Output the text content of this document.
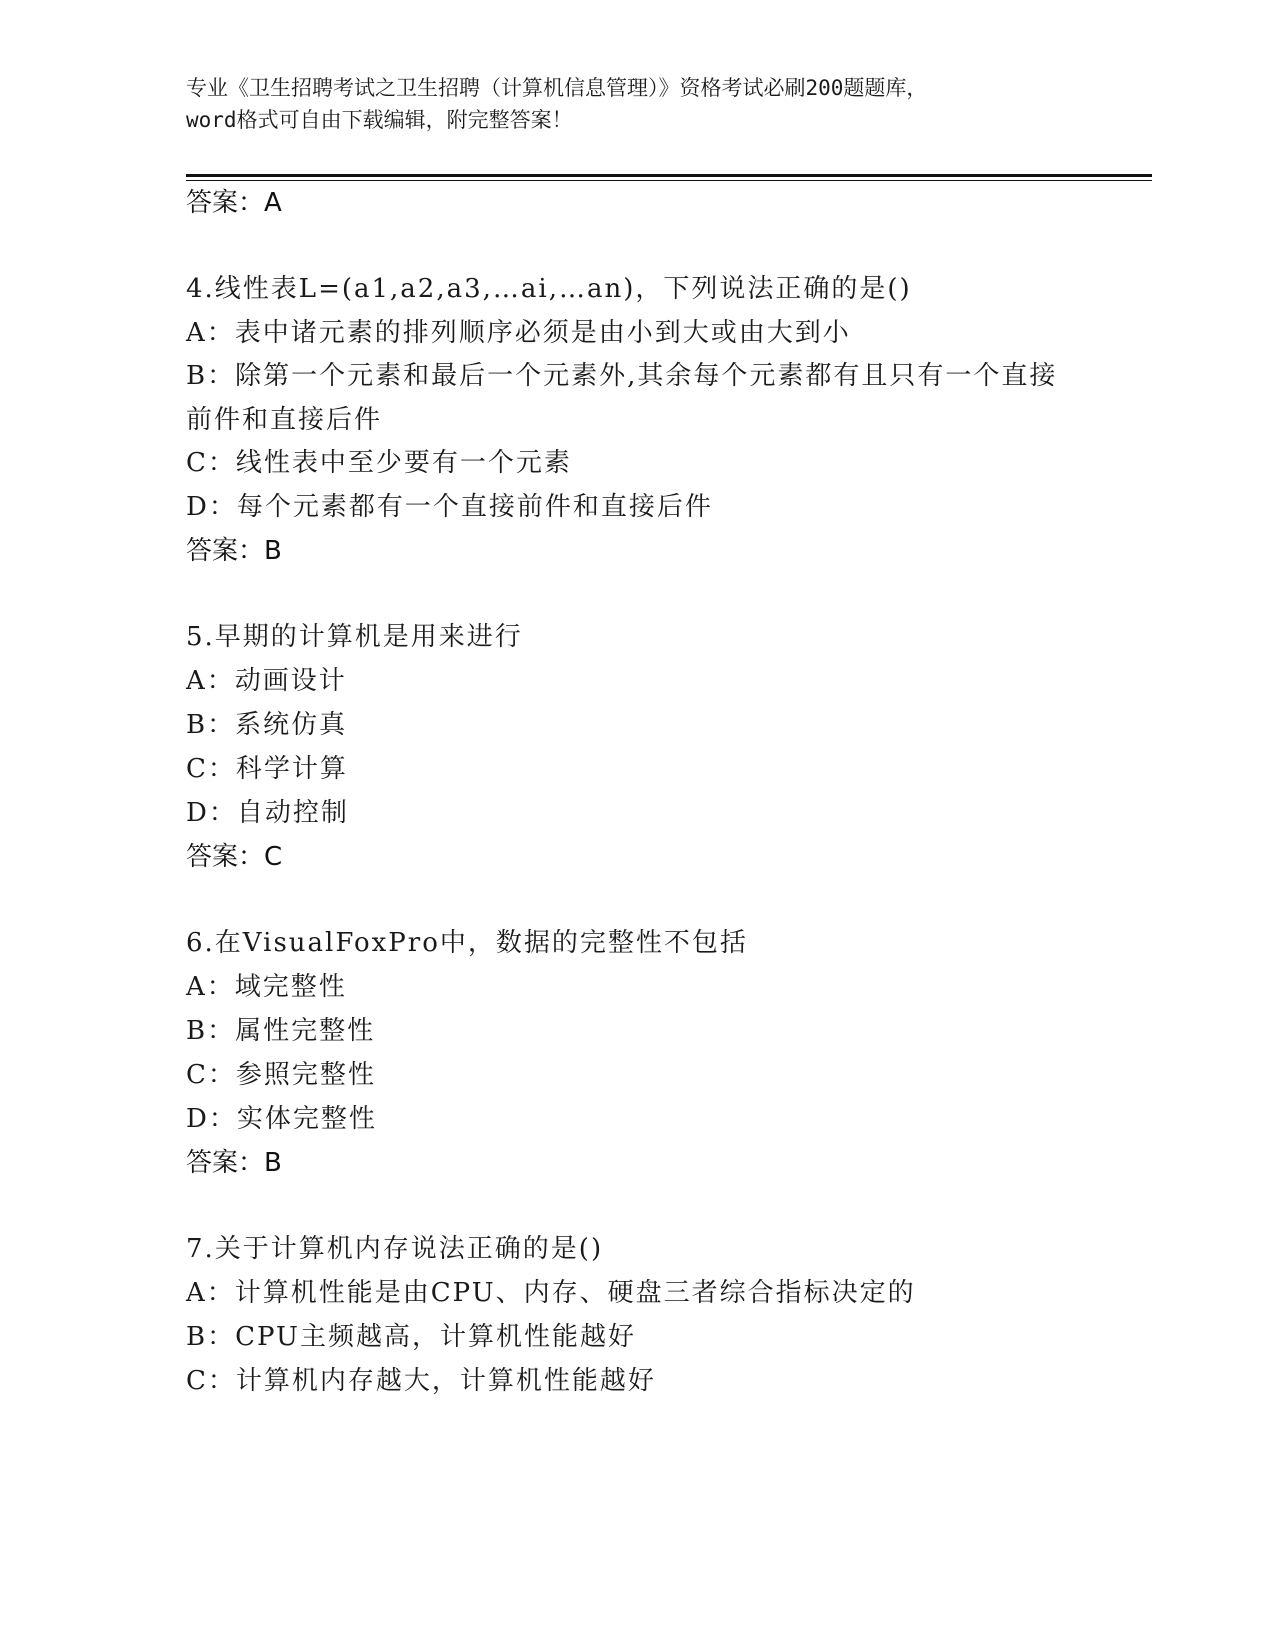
专业《卫生招聘考试之卫生招聘（计算机信息管理）》资格考试必刷200题题库，
word格式可自由下载编辑，附完整答案！
答案：A
4.线性表L=(a1,a2,a3,…ai,…an)，下列说法正确的是()
A：表中诸元素的排列顺序必须是由小到大或由大到小
B：除第一个元素和最后一个元素外,其余每个元素都有且只有一个直接前件和直接后件
C：线性表中至少要有一个元素
D：每个元素都有一个直接前件和直接后件
答案：B
5.早期的计算机是用来进行
A：动画设计
B：系统仿真
C：科学计算
D：自动控制
答案：C
6.在VisualFoxPro中，数据的完整性不包括
A：域完整性
B：属性完整性
C：参照完整性
D：实体完整性
答案：B
7.关于计算机内存说法正确的是()
A：计算机性能是由CPU、内存、硬盘三者综合指标决定的
B：CPU主频越高，计算机性能越好
C：计算机内存越大，计算机性能越好
